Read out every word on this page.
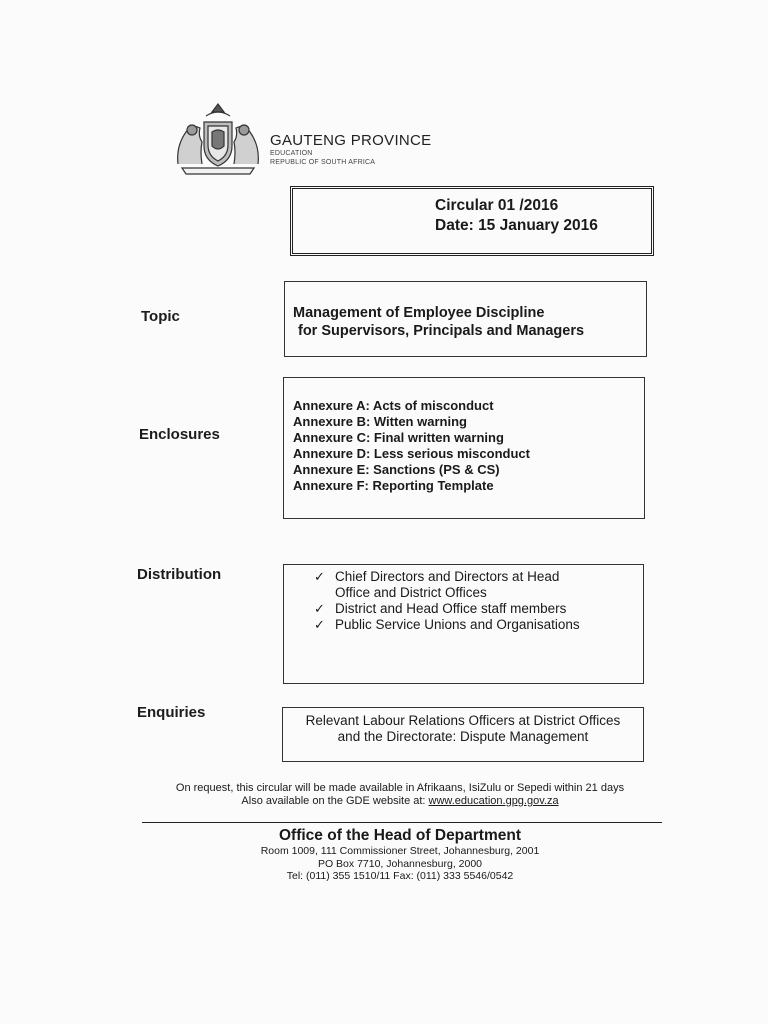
GAUTENG PROVINCE
EDUCATION
REPUBLIC OF SOUTH AFRICA
Circular 01 /2016
Date: 15 January 2016
Topic	Management of Employee Discipline
for Supervisors, Principals and Managers
Enclosures
Annexure A: Acts of misconduct
Annexure B: Witten warning
Annexure C: Final written warning
Annexure D: Less serious misconduct
Annexure E: Sanctions (PS & CS)
Annexure F: Reporting Template
Distribution	✓ Chief Directors and Directors at Head
Office and District Offices
✓ District and Head Office staff members
✓ Public Service Unions and Organisations
Enquiries	Relevant Labour Relations Officers at District Offices
and the Directorate: Dispute Management
On request, this circular will be made available in Afrikaans, IsiZulu or Sepedi within 21 days
Also available on the GDE website at: www.education.gpg.gov.za
Office of the Head of Department
Room 1009, 111 Commissioner Street, Johannesburg, 2001
PO Box 7710, Johannesburg, 2000
Tel: (011) 355 1510/11 Fax: (011) 333 5546/0542
